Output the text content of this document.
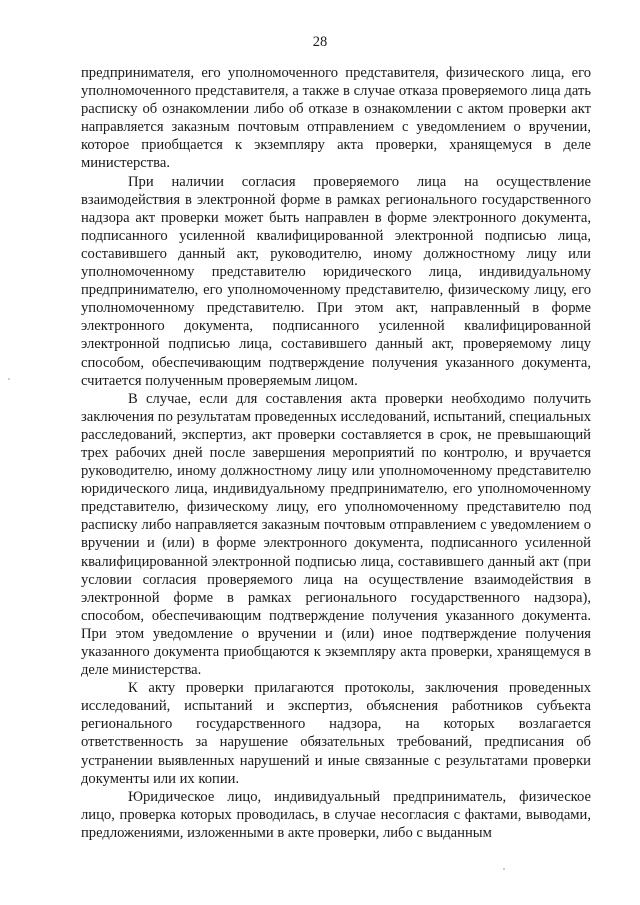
28

предпринимателя, его уполномоченного представителя, физического лица, его уполномоченного представителя, а также в случае отказа проверяемого лица дать расписку об ознакомлении либо об отказе в ознакомлении с актом проверки акт направляется заказным почтовым отправлением с уведомлением о вручении, которое приобщается к экземпляру акта проверки, хранящемуся в деле министерства.

При наличии согласия проверяемого лица на осуществление взаимодействия в электронной форме в рамках регионального государственного надзора акт проверки может быть направлен в форме электронного документа, подписанного усиленной квалифицированной электронной подписью лица, составившего данный акт, руководителю, иному должностному лицу или уполномоченному представителю юридического лица, индивидуальному предпринимателю, его уполномоченному представителю, физическому лицу, его уполномоченному представителю. При этом акт, направленный в форме электронного документа, подписанного усиленной квалифицированной электронной подписью лица, составившего данный акт, проверяемому лицу способом, обеспечивающим подтверждение получения указанного документа, считается полученным проверяемым лицом.

В случае, если для составления акта проверки необходимо получить заключения по результатам проведенных исследований, испытаний, специальных расследований, экспертиз, акт проверки составляется в срок, не превышающий трех рабочих дней после завершения мероприятий по контролю, и вручается руководителю, иному должностному лицу или уполномоченному представителю юридического лица, индивидуальному предпринимателю, его уполномоченному представителю, физическому лицу, его уполномоченному представителю под расписку либо направляется заказным почтовым отправлением с уведомлением о вручении и (или) в форме электронного документа, подписанного усиленной квалифицированной электронной подписью лица, составившего данный акт (при условии согласия проверяемого лица на осуществление взаимодействия в электронной форме в рамках регионального государственного надзора), способом, обеспечивающим подтверждение получения указанного документа. При этом уведомление о вручении и (или) иное подтверждение получения указанного документа приобщаются к экземпляру акта проверки, хранящемуся в деле министерства.

К акту проверки прилагаются протоколы, заключения проведенных исследований, испытаний и экспертиз, объяснения работников субъекта регионального государственного надзора, на которых возлагается ответственность за нарушение обязательных требований, предписания об устранении выявленных нарушений и иные связанные с результатами проверки документы или их копии.

Юридическое лицо, индивидуальный предприниматель, физическое лицо, проверка которых проводилась, в случае несогласия с фактами, выводами, предложениями, изложенными в акте проверки, либо с выданным
